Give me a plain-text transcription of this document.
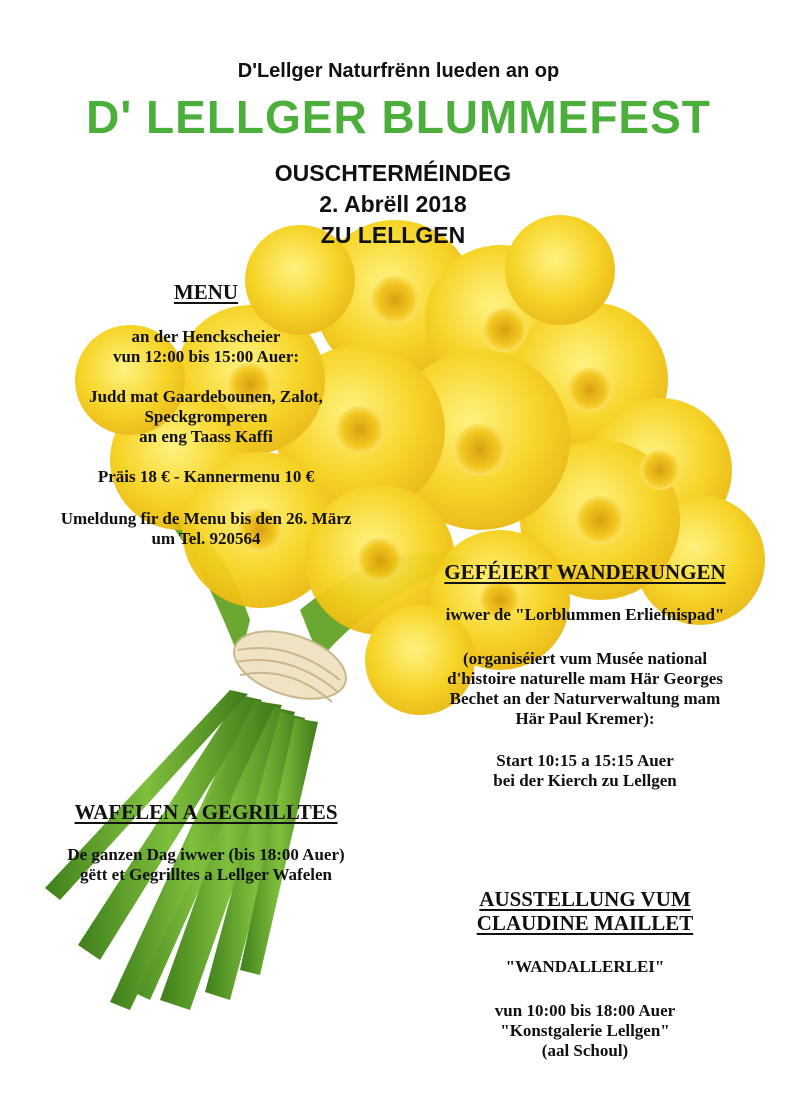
D'Lellger Naturfrënn lueden an op
D' LELLGER BLUMMEFEST
OUSCHTERMÉINDEG
2. Abrëll 2018
ZU LELLGEN
MENU
an der Henckscheier
vun 12:00 bis 15:00 Auer:
Judd mat Gaardebounen, Zalot,
Speckgromperen
an eng Taass Kaffi
Präis 18 € - Kannermenu 10 €
Umeldung fir de Menu bis den 26. März
um Tel. 920564
GEFÉIERT WANDERUNGEN
iwwer de "Lorblummen Erliefnispad"
(organiséiert vum Musée national
d'histoire naturelle mam Här Georges
Bechet an der Naturverwaltung mam
Här Paul Kremer):
Start 10:15 a 15:15 Auer
bei der Kierch zu Lellgen
WAFELEN A GEGRILLTES
De ganzen Dag iwwer (bis 18:00 Auer)
gëtt et Gegrilltes a Lellger Wafelen
AUSSTELLUNG VUM
CLAUDINE MAILLET
"WANDALLERLEI"
vun 10:00 bis 18:00 Auer
"Konstgalerie Lellgen"
(aal Schoul)
